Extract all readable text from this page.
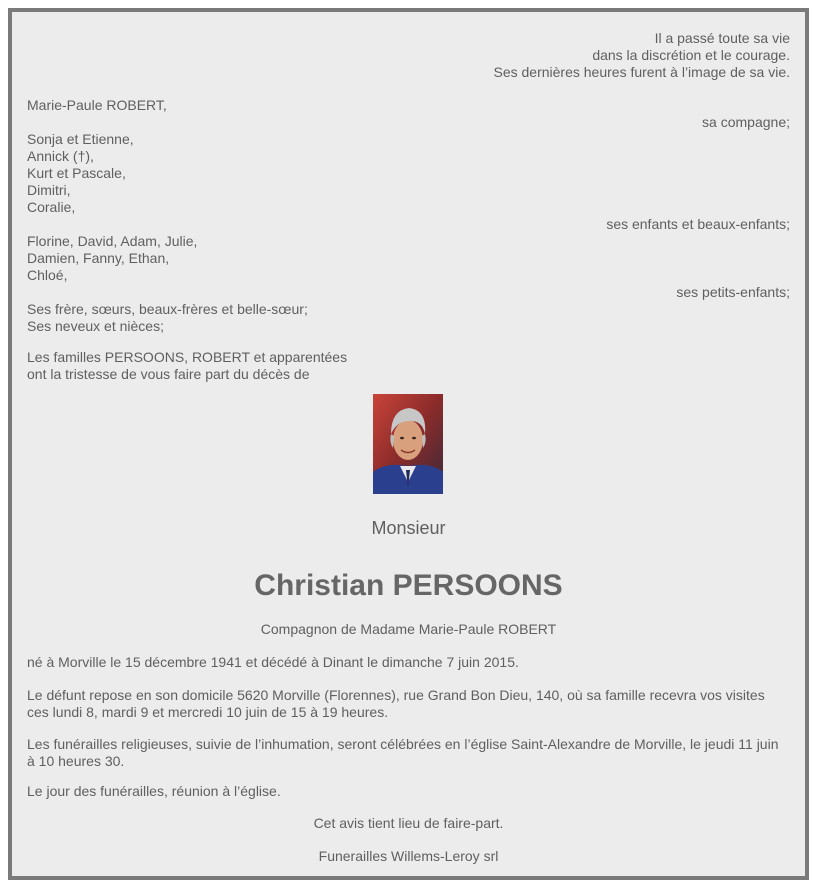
Il a passé toute sa vie
dans la discrétion et le courage.
Ses dernières heures furent à l’image de sa vie.
Marie-Paule ROBERT,
sa compagne;
Sonja et Etienne,
Annick (†),
Kurt et Pascale,
Dimitri,
Coralie,
ses enfants et beaux-enfants;
Florine, David, Adam, Julie,
Damien, Fanny, Ethan,
Chloé,
ses petits-enfants;
Ses frère, sœurs, beaux-frères et belle-sœur;
Ses neveux et nièces;
Les familles PERSOONS, ROBERT et apparentées
ont la tristesse de vous faire part du décès de
Monsieur
Christian PERSOONS
Compagnon de Madame Marie-Paule ROBERT
né à Morville le 15 décembre 1941 et décédé à Dinant le dimanche 7 juin 2015.
Le défunt repose en son domicile 5620 Morville (Florennes), rue Grand Bon Dieu, 140, où sa famille recevra vos visites ces lundi 8, mardi 9 et mercredi 10 juin de 15 à 19 heures.
Les funérailles religieuses, suivie de l’inhumation, seront célébrées en l’église Saint-Alexandre de Morville, le jeudi 11 juin à 10 heures 30.
Le jour des funérailles, réunion à l’église.
Cet avis tient lieu de faire-part.
Funerailles Willems-Leroy srl
